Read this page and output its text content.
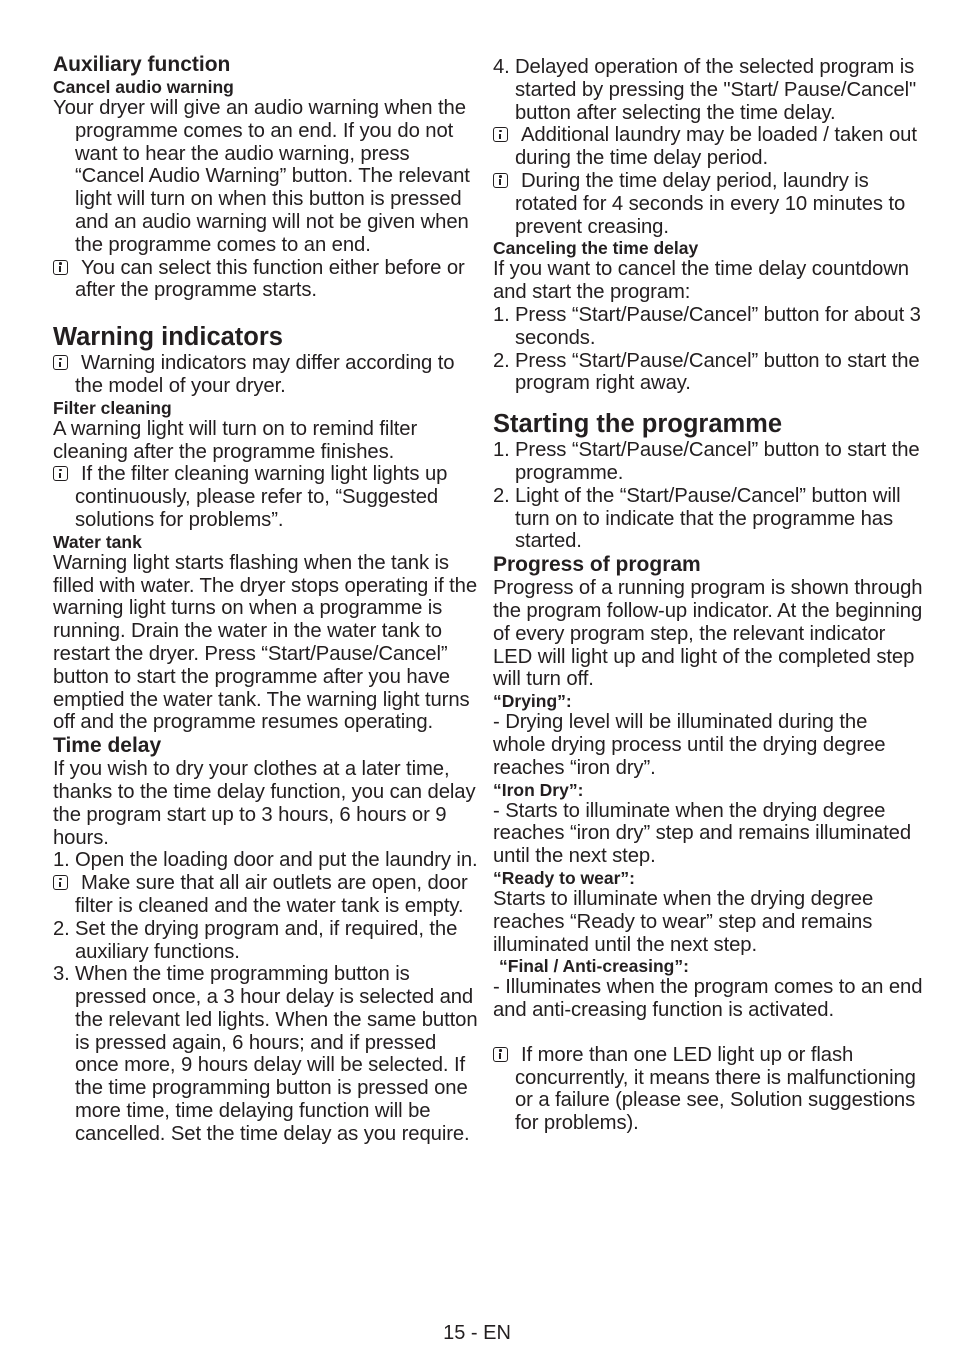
Auxiliary function
Cancel audio warning

Your dryer will give an audio warning when the programme comes to an end. If you do not want to hear the audio warning, press “Cancel Audio Warning” button. The relevant light will turn on when this button is pressed and an audio warning will not be given when the programme comes to an end.

You can select this function either before or after the programme starts.
Warning indicators
Warning indicators may differ according to the model of your dryer.
Filter cleaning

A warning light will turn on to remind filter cleaning after the programme finishes.

If the filter cleaning warning light lights up continuously, please refer to, “Suggested solutions for problems”.
Water tank

Warning light starts flashing when the tank is filled with water. The dryer stops operating if the warning light turns on when a programme is running. Drain the water in the water tank to restart the dryer. Press “Start/Pause/Cancel” button to start the programme after you have emptied the water tank. The warning light turns off and the programme resumes operating.

Time delay

If you wish to dry your clothes at a later time, thanks to the time delay function, you can delay the program start up to 3 hours, 6 hours or 9 hours.

1. Open the loading door and put the laundry in.
Make sure that all air outlets are open, door filter is cleaned and the water tank is empty.
2. Set the drying program and, if required, the auxiliary functions.
3. When the time programming button is pressed once, a 3 hour delay is selected and the relevant led lights. When the same button is pressed again, 6 hours; and if pressed once more, 9 hours delay will be selected. If the time programming button is pressed one more time, time delaying function will be cancelled. Set the time delay as you require.
4. Delayed operation of the selected program is started by pressing the "Start/ Pause/Cancel" button after selecting the time delay.
Additional laundry may be loaded / taken out during the time delay period.
During the time delay period, laundry is rotated for 4 seconds in every 10 minutes to prevent creasing.
Canceling the time delay

If you want to cancel the time delay countdown and start the program:

1. Press “Start/Pause/Cancel” button for about 3 seconds.
2. Press “Start/Pause/Cancel” button to start the program right away.
Starting the programme
1. Press “Start/Pause/Cancel” button to start the programme.
2. Light of the “Start/Pause/Cancel” button will turn on to indicate that the programme has started.
Progress of program

Progress of a running program is shown through the program follow-up indicator. At the beginning of every program step, the relevant indicator LED will light up and light of the completed step will turn off.

“Drying”:

- Drying level will be illuminated during the whole drying process until the drying degree reaches “iron dry”.

“Iron Dry”:

- Starts to illuminate when the drying degree reaches “iron dry” step and remains illuminated until the next step.

“Ready to wear”:

Starts to illuminate when the drying degree reaches “Ready to wear” step and remains illuminated until the next step.

“Final / Anti-creasing”:

- Illuminates when the program comes to an end and anti-creasing function is activated.

If more than one LED light up or flash concurrently, it means there is malfunctioning or a failure (please see, Solution suggestions for problems).
15 - EN
